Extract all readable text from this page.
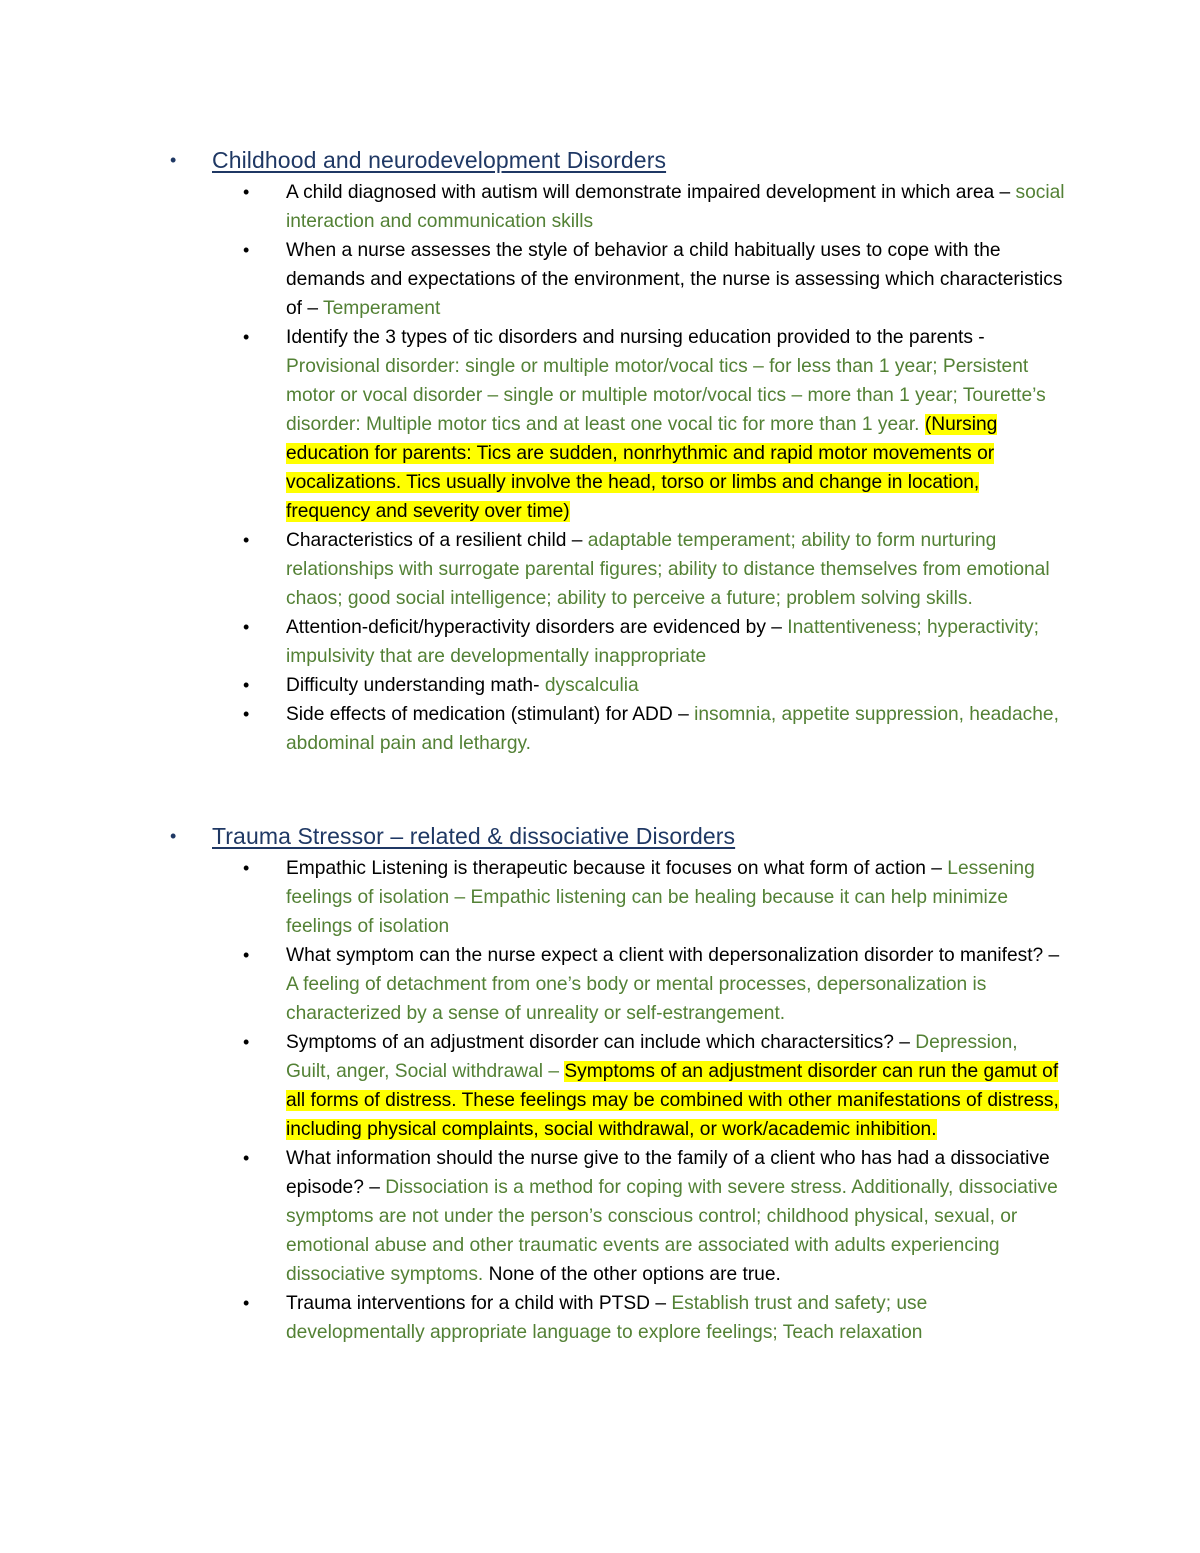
•	Childhood and neurodevelopment Disorders
•	A child diagnosed with autism will demonstrate impaired development in which area – social interaction and communication skills
•	When a nurse assesses the style of behavior a child habitually uses to cope with the demands and expectations of the environment, the nurse is assessing which characteristics of – Temperament
•	Identify the 3 types of tic disorders and nursing education provided to the parents - Provisional disorder: single or multiple motor/vocal tics – for less than 1 year; Persistent motor or vocal disorder – single or multiple motor/vocal tics – more than 1 year; Tourette’s disorder: Multiple motor tics and at least one vocal tic for more than 1 year. (Nursing education for parents: Tics are sudden, nonrhythmic and rapid motor movements or vocalizations. Tics usually involve the head, torso or limbs and change in location, frequency and severity over time)
•	Characteristics of a resilient child – adaptable temperament; ability to form nurturing relationships with surrogate parental figures; ability to distance themselves from emotional chaos; good social intelligence; ability to perceive a future; problem solving skills.
•	Attention-deficit/hyperactivity disorders are evidenced by – Inattentiveness; hyperactivity; impulsivity that are developmentally inappropriate
•	Difficulty understanding math- dyscalculia
•	Side effects of medication (stimulant) for ADD – insomnia, appetite suppression, headache, abdominal pain and lethargy.
•	Trauma Stressor – related & dissociative Disorders
•	Empathic Listening is therapeutic because it focuses on what form of action – Lessening feelings of isolation – Empathic listening can be healing because it can help minimize feelings of isolation
•	What symptom can the nurse expect a client with depersonalization disorder to manifest? – A feeling of detachment from one’s body or mental processes, depersonalization is characterized by a sense of unreality or self-estrangement.
•	Symptoms of an adjustment disorder can include which charactersitics? – Depression, Guilt, anger, Social withdrawal – Symptoms of an adjustment disorder can run the gamut of all forms of distress. These feelings may be combined with other manifestations of distress, including physical complaints, social withdrawal, or work/academic inhibition.
•	What information should the nurse give to the family of a client who has had a dissociative episode? – Dissociation is a method for coping with severe stress. Additionally, dissociative symptoms are not under the person’s conscious control; childhood physical, sexual, or emotional abuse and other traumatic events are associated with adults experiencing dissociative symptoms. None of the other options are true.
•	Trauma interventions for a child with PTSD – Establish trust and safety; use developmentally appropriate language to explore feelings; Teach relaxation
